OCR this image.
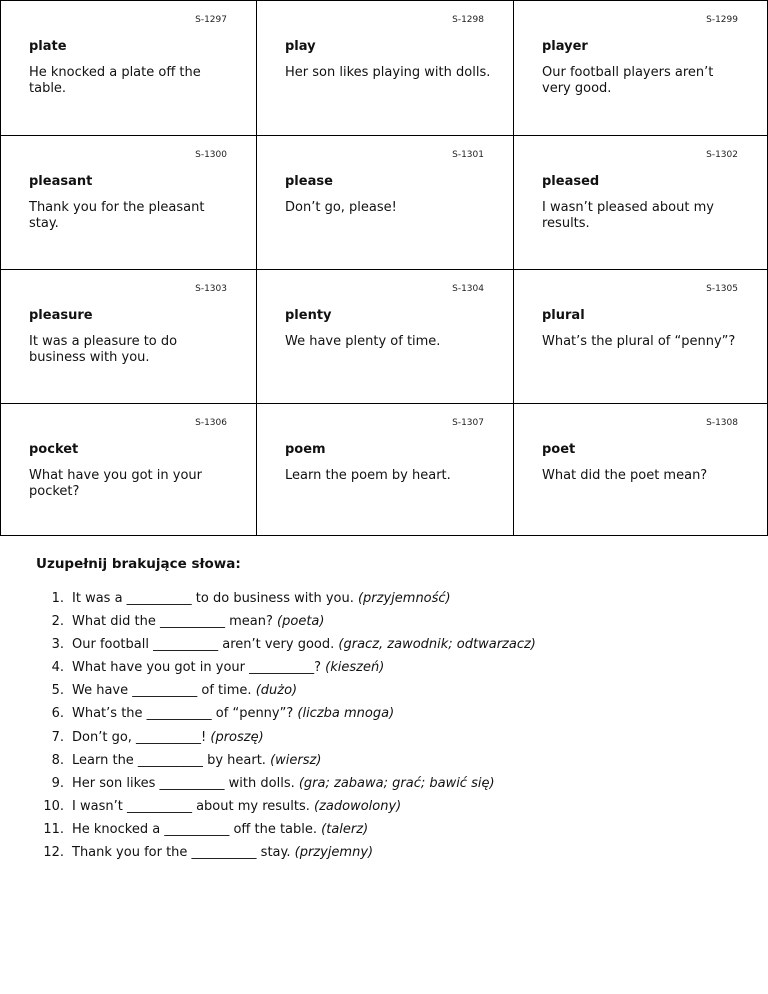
S-1297
plate
He knocked a plate off the table.
S-1298
play
Her son likes playing with dolls.
S-1299
player
Our football players aren’t very good.
S-1300
pleasant
Thank you for the pleasant stay.
S-1301
please
Don’t go, please!
S-1302
pleased
I wasn’t pleased about my results.
S-1303
pleasure
It was a pleasure to do business with you.
S-1304
plenty
We have plenty of time.
S-1305
plural
What’s the plural of “penny”?
S-1306
pocket
What have you got in your pocket?
S-1307
poem
Learn the poem by heart.
S-1308
poet
What did the poet mean?

Uzupełnij brakujące słowa:

1. It was a __________ to do business with you. (przyjemność)
2. What did the __________ mean? (poeta)
3. Our football __________ aren’t very good. (gracz, zawodnik; odtwarzacz)
4. What have you got in your __________? (kieszeń)
5. We have __________ of time. (dużo)
6. What’s the __________ of “penny”? (liczba mnoga)
7. Don’t go, __________! (proszę)
8. Learn the __________ by heart. (wiersz)
9. Her son likes __________ with dolls. (gra; zabawa; grać; bawić się)
10. I wasn’t __________ about my results. (zadowolony)
11. He knocked a __________ off the table. (talerz)
12. Thank you for the __________ stay. (przyjemny)
